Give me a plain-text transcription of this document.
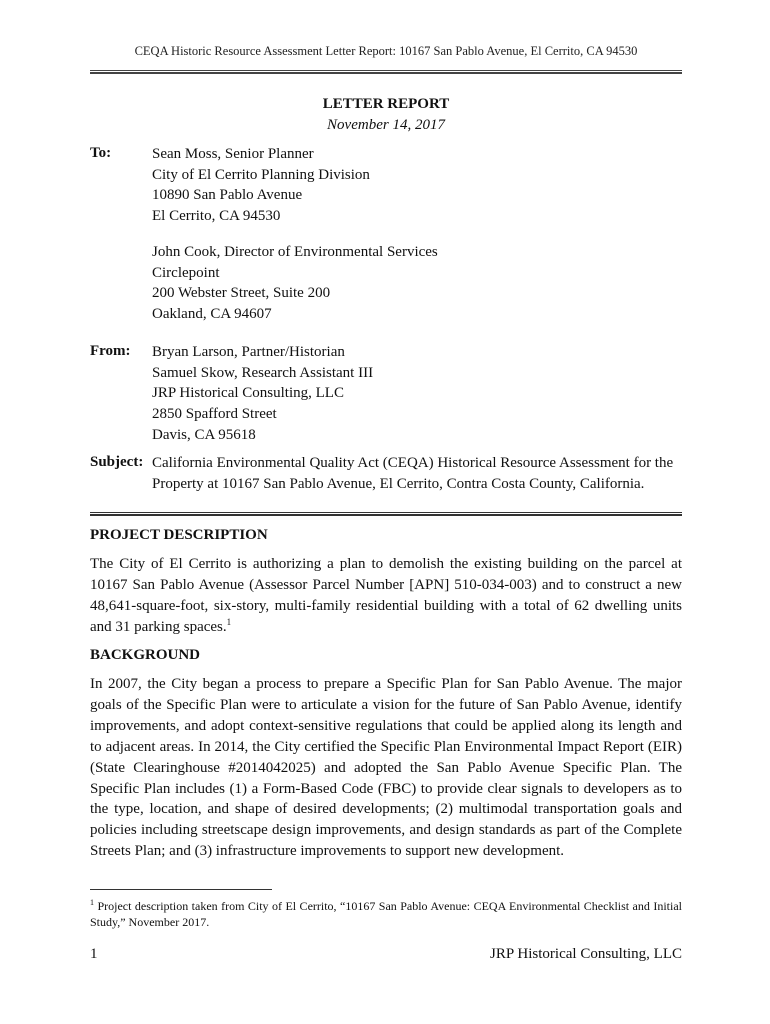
CEQA Historic Resource Assessment Letter Report: 10167 San Pablo Avenue, El Cerrito, CA 94530
LETTER REPORT
November 14, 2017
To:	Sean Moss, Senior Planner
City of El Cerrito Planning Division
10890 San Pablo Avenue
El Cerrito, CA 94530
John Cook, Director of Environmental Services
Circlepoint
200 Webster Street, Suite 200
Oakland, CA 94607
From: Bryan Larson, Partner/Historian
Samuel Skow, Research Assistant III
JRP Historical Consulting, LLC
2850 Spafford Street
Davis, CA 95618
Subject: California Environmental Quality Act (CEQA) Historical Resource Assessment for the Property at 10167 San Pablo Avenue, El Cerrito, Contra Costa County, California.
PROJECT DESCRIPTION
The City of El Cerrito is authorizing a plan to demolish the existing building on the parcel at 10167 San Pablo Avenue (Assessor Parcel Number [APN] 510-034-003) and to construct a new 48,641-square-foot, six-story, multi-family residential building with a total of 62 dwelling units and 31 parking spaces.$^1$
BACKGROUND
In 2007, the City began a process to prepare a Specific Plan for San Pablo Avenue. The major goals of the Specific Plan were to articulate a vision for the future of San Pablo Avenue, identify improvements, and adopt context-sensitive regulations that could be applied along its length and to adjacent areas. In 2014, the City certified the Specific Plan Environmental Impact Report (EIR) (State Clearinghouse #2014042025) and adopted the San Pablo Avenue Specific Plan. The Specific Plan includes (1) a Form-Based Code (FBC) to provide clear signals to developers as to the type, location, and shape of desired developments; (2) multimodal transportation goals and policies including streetscape design improvements, and design standards as part of the Complete Streets Plan; and (3) infrastructure improvements to support new development.
$^1$ Project description taken from City of El Cerrito, “10167 San Pablo Avenue: CEQA Environmental Checklist and Initial Study,” November 2017.
1	JRP Historical Consulting, LLC
